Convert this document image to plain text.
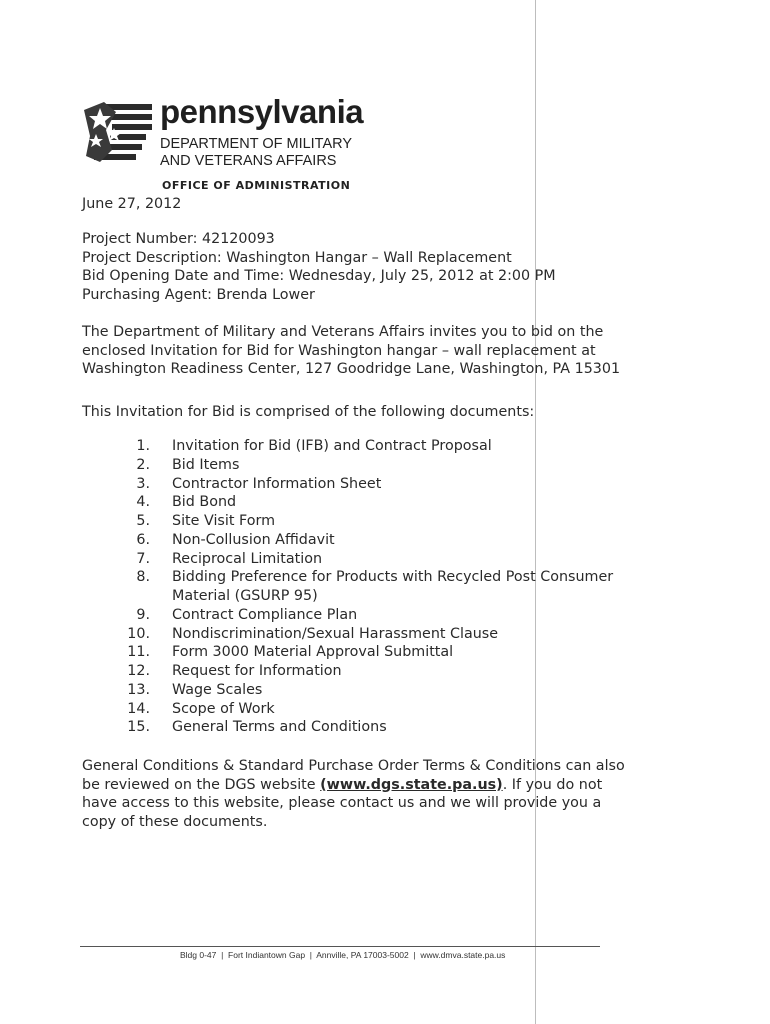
pennsylvania
DEPARTMENT OF MILITARY
AND VETERANS AFFAIRS
OFFICE OF ADMINISTRATION
June 27, 2012
Project Number: 42120093
Project Description: Washington Hangar – Wall Replacement
Bid Opening Date and Time: Wednesday, July 25, 2012 at 2:00 PM
Purchasing Agent: Brenda Lower
The Department of Military and Veterans Affairs invites you to bid on the
enclosed Invitation for Bid for Washington hangar – wall replacement at
Washington Readiness Center, 127 Goodridge Lane, Washington, PA 15301
This Invitation for Bid is comprised of the following documents:
1.	Invitation for Bid (IFB) and Contract Proposal
2.	Bid Items
3.	Contractor Information Sheet
4.	Bid Bond
5.	Site Visit Form
6.	Non-Collusion Affidavit
7.	Reciprocal Limitation
8.	Bidding Preference for Products with Recycled Post Consumer Material (GSURP 95)
9.	Contract Compliance Plan
10.	Nondiscrimination/Sexual Harassment Clause
11.	Form 3000 Material Approval Submittal
12.	Request for Information
13.	Wage Scales
14.	Scope of Work
15.	General Terms and Conditions
General Conditions & Standard Purchase Order Terms & Conditions can also
be reviewed on the DGS website (www.dgs.state.pa.us). If you do not
have access to this website, please contact us and we will provide you a
copy of these documents.
Bldg 0-47  |  Fort Indiantown Gap  |  Annville, PA 17003-5002  |  www.dmva.state.pa.us
